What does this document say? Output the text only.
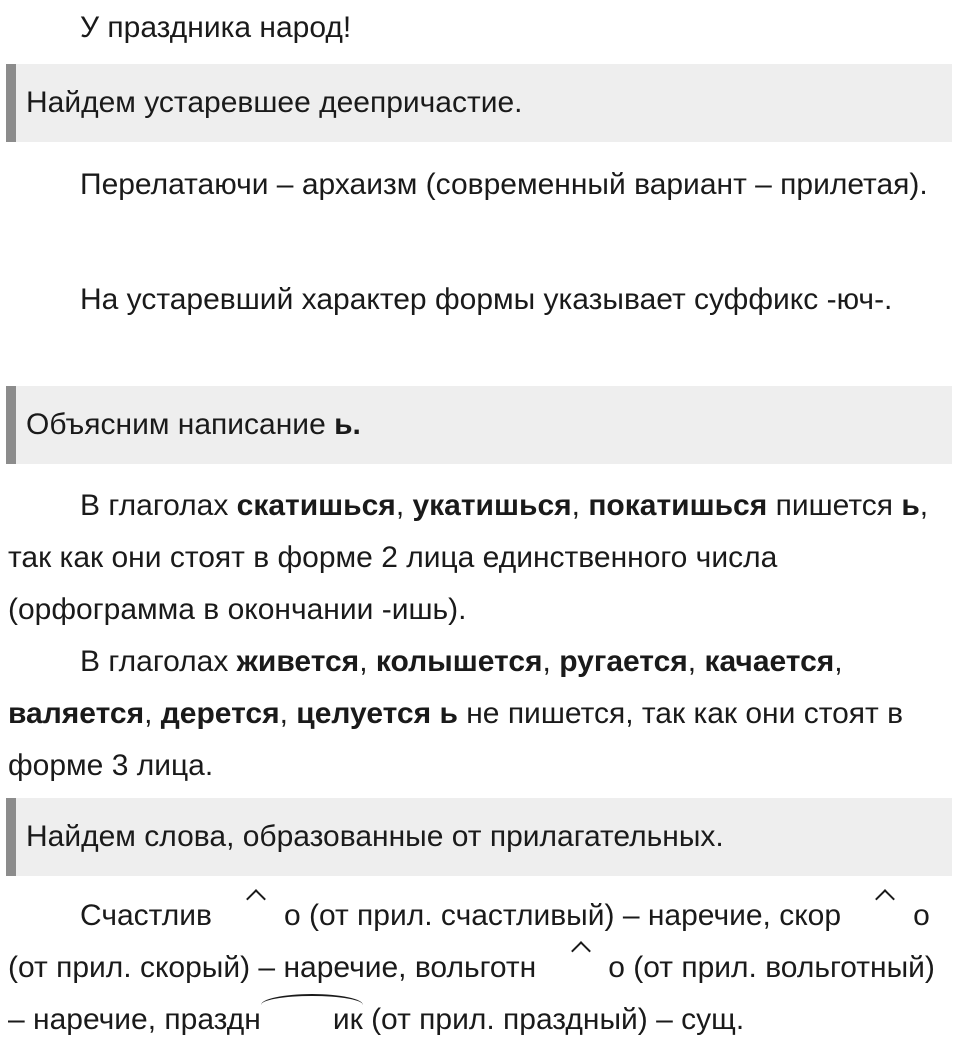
У праздника народ!

Найдем устаревшее деепричастие.

Перелатаючи – архаизм (современный вариант – прилетая).

На устаревший характер формы указывает суффикс -юч-.

Объясним написание ь.

В глаголах скатишься, укатишься, покатишься пишется ь, так как они стоят в форме 2 лица единственного числа (орфограмма в окончании -ишь).

В глаголах живется, колышется, ругается, качается, валяется, дерется, целуется ь не пишется, так как они стоят в форме 3 лица.

Найдем слова, образованные от прилагательных.

Счастлив о (от прил. счастливый) – наречие, скор о (от прил. скорый) – наречие, вольготн о (от прил. вольготный) – наречие, праздн ик (от прил. праздный) – сущ.
